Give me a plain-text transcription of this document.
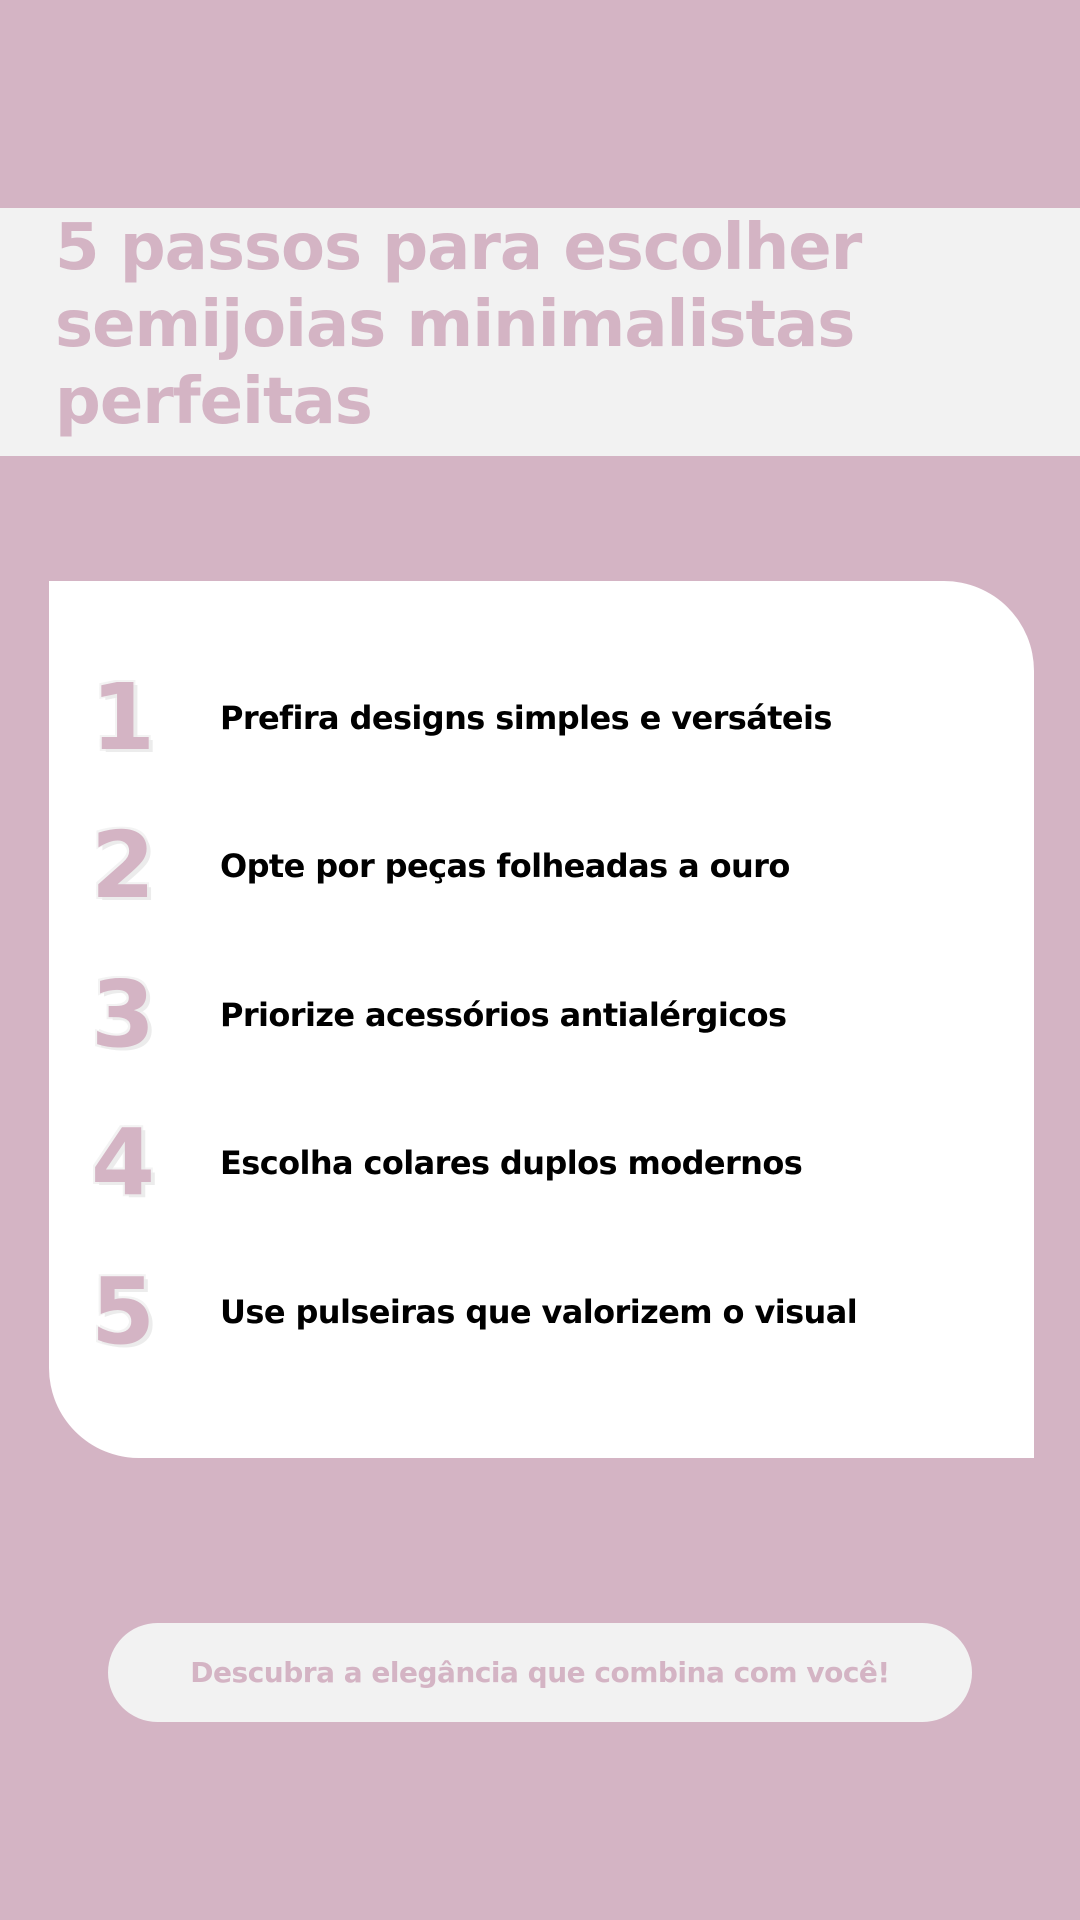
5 passos para escolher
semijoias minimalistas
perfeitas
1	Prefira designs simples e versáteis
2	Opte por peças folheadas a ouro
3	Priorize acessórios antialérgicos
4	Escolha colares duplos modernos
5	Use pulseiras que valorizem o visual
Descubra a elegância que combina com você!
